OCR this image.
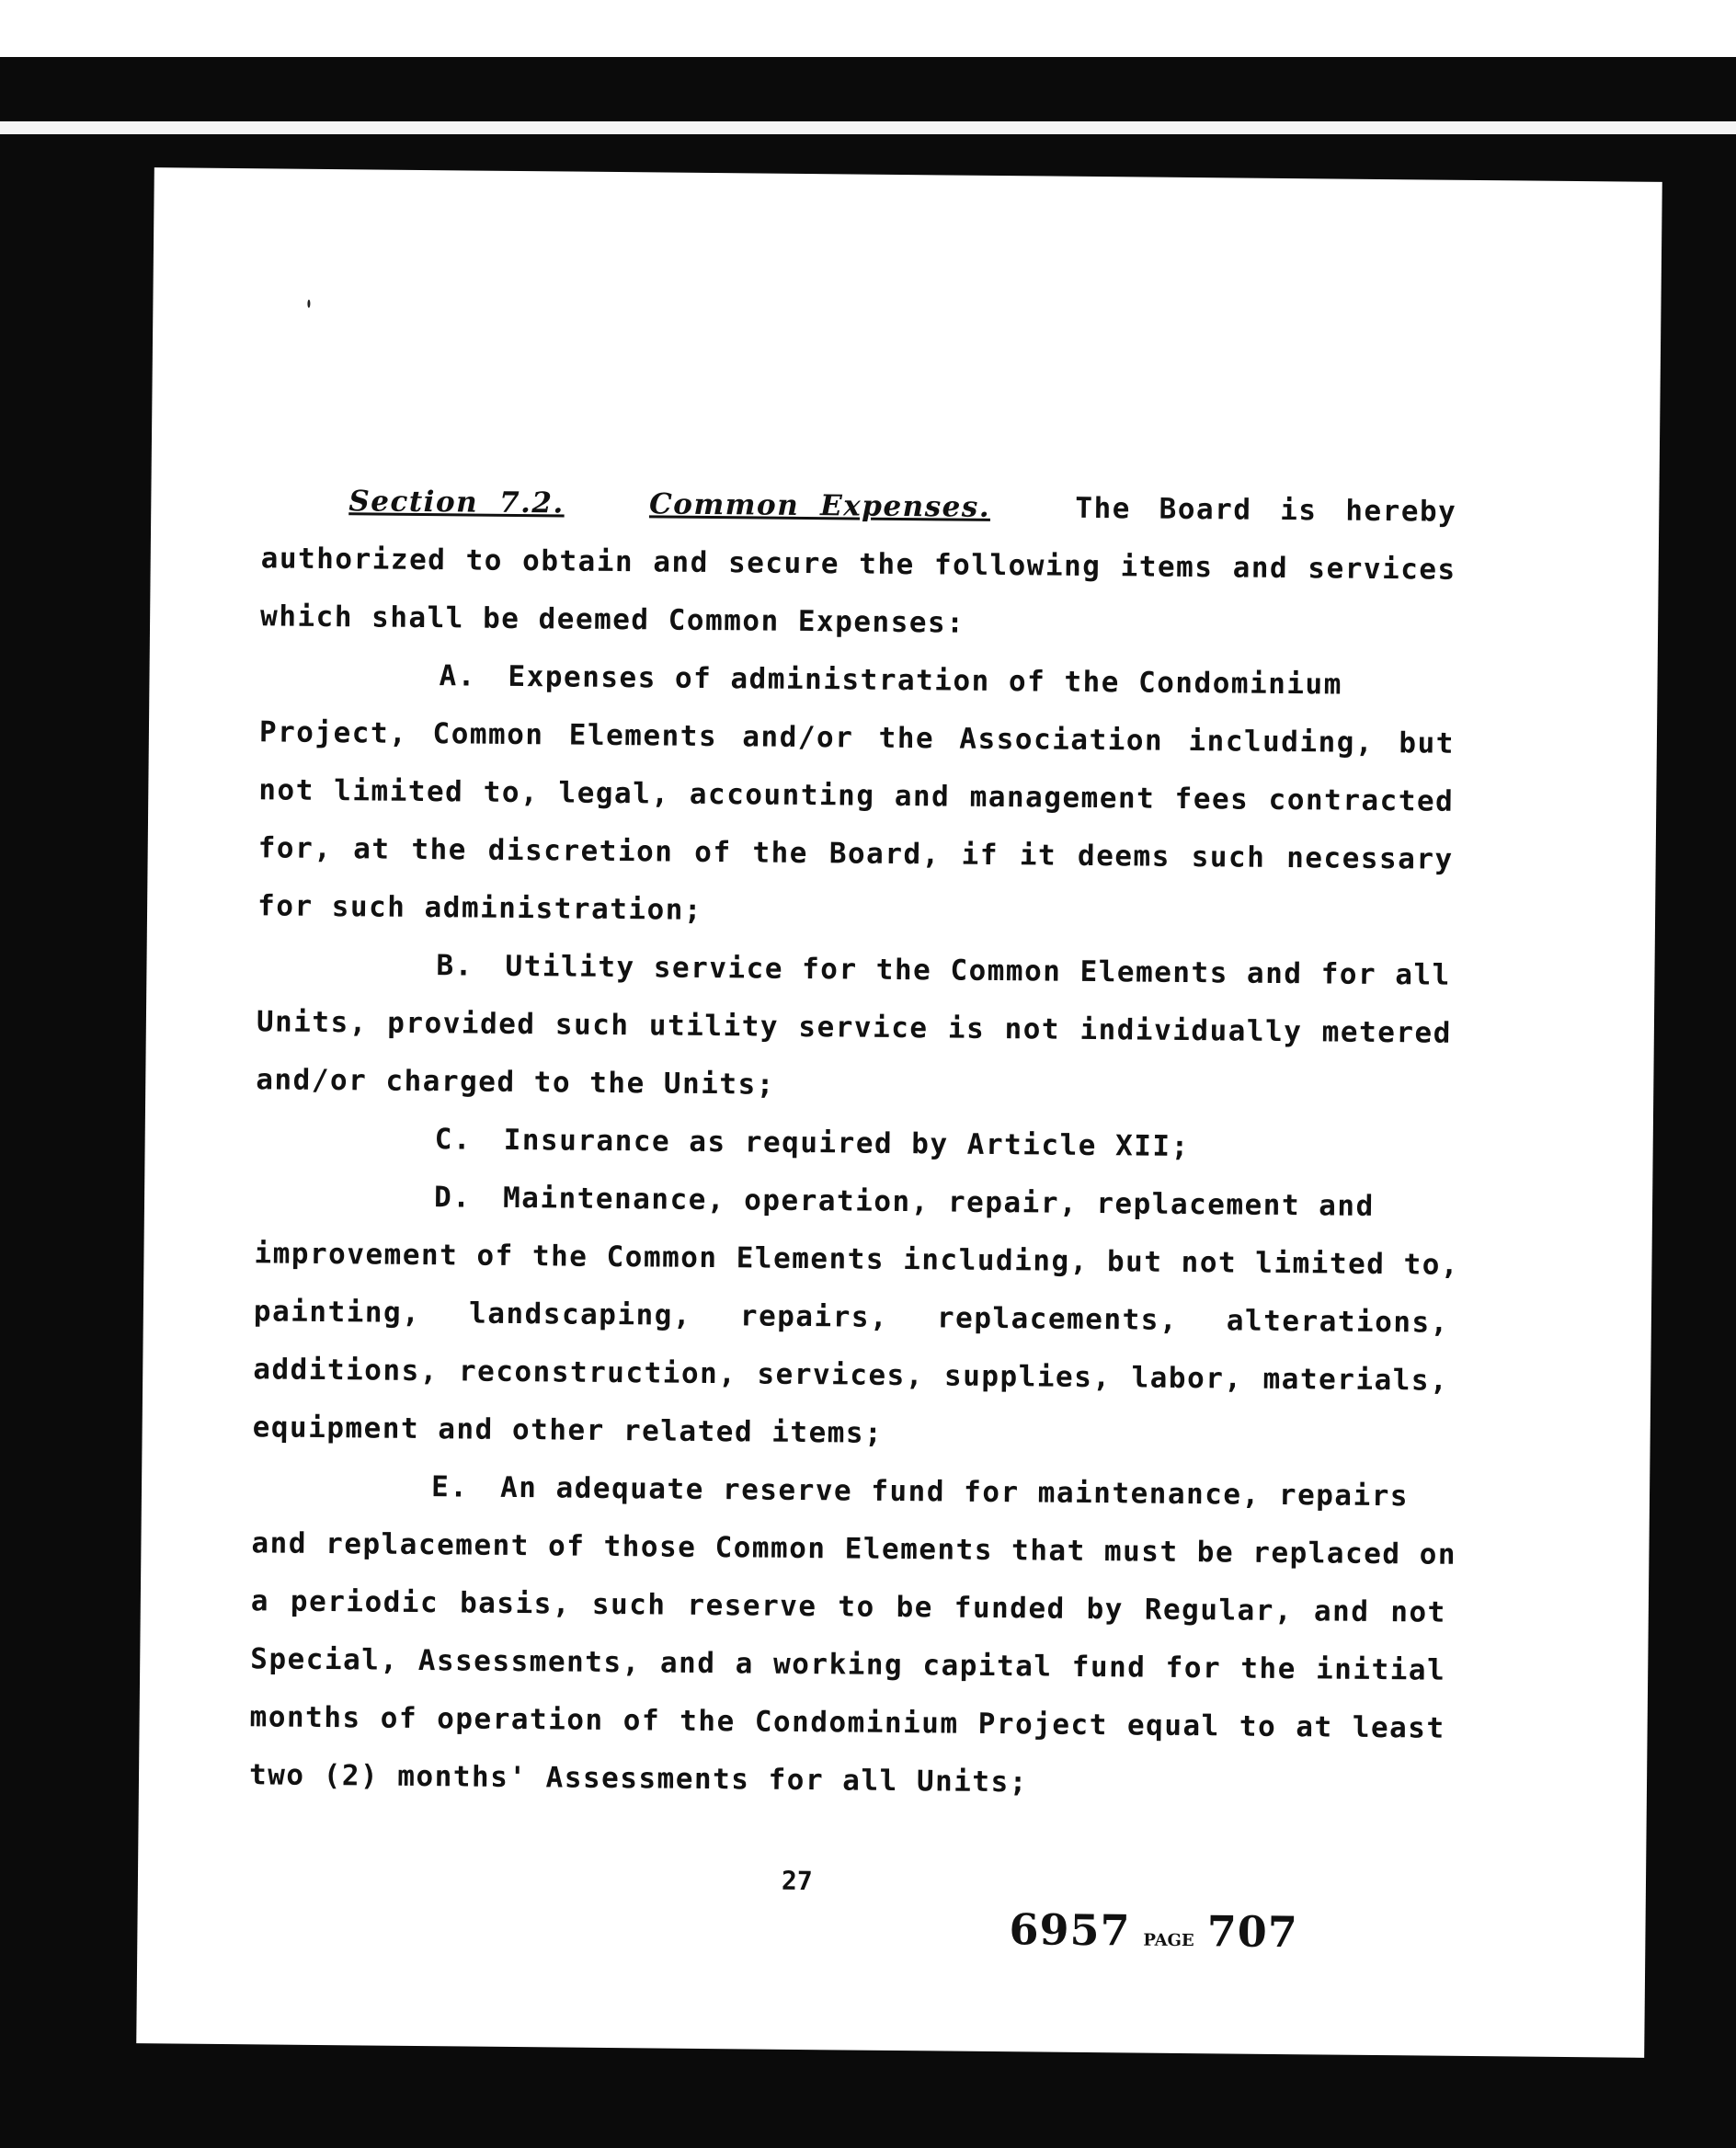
Section 7.2.	Common Expenses.	The Board is hereby
authorized to obtain and secure the following items and services
which shall be deemed Common Expenses:
A. Expenses of administration of the Condominium
Project, Common Elements and/or the Association including, but
not limited to, legal, accounting and management fees contracted
for, at the discretion of the Board, if it deems such necessary
for such administration;
B. Utility service for the Common Elements and for all
Units, provided such utility service is not individually metered
and/or charged to the Units;
C. Insurance as required by Article XII;
D. Maintenance, operation, repair, replacement and
improvement of the Common Elements including, but not limited to,
painting, landscaping, repairs, replacements, alterations,
additions, reconstruction, services, supplies, labor, materials,
equipment and other related items;
E. An adequate reserve fund for maintenance, repairs
and replacement of those Common Elements that must be replaced on
a periodic basis, such reserve to be funded by Regular, and not
Special, Assessments, and a working capital fund for the initial
months of operation of the Condominium Project equal to at least
two (2) months' Assessments for all Units;
27
6957 PAGE 707
